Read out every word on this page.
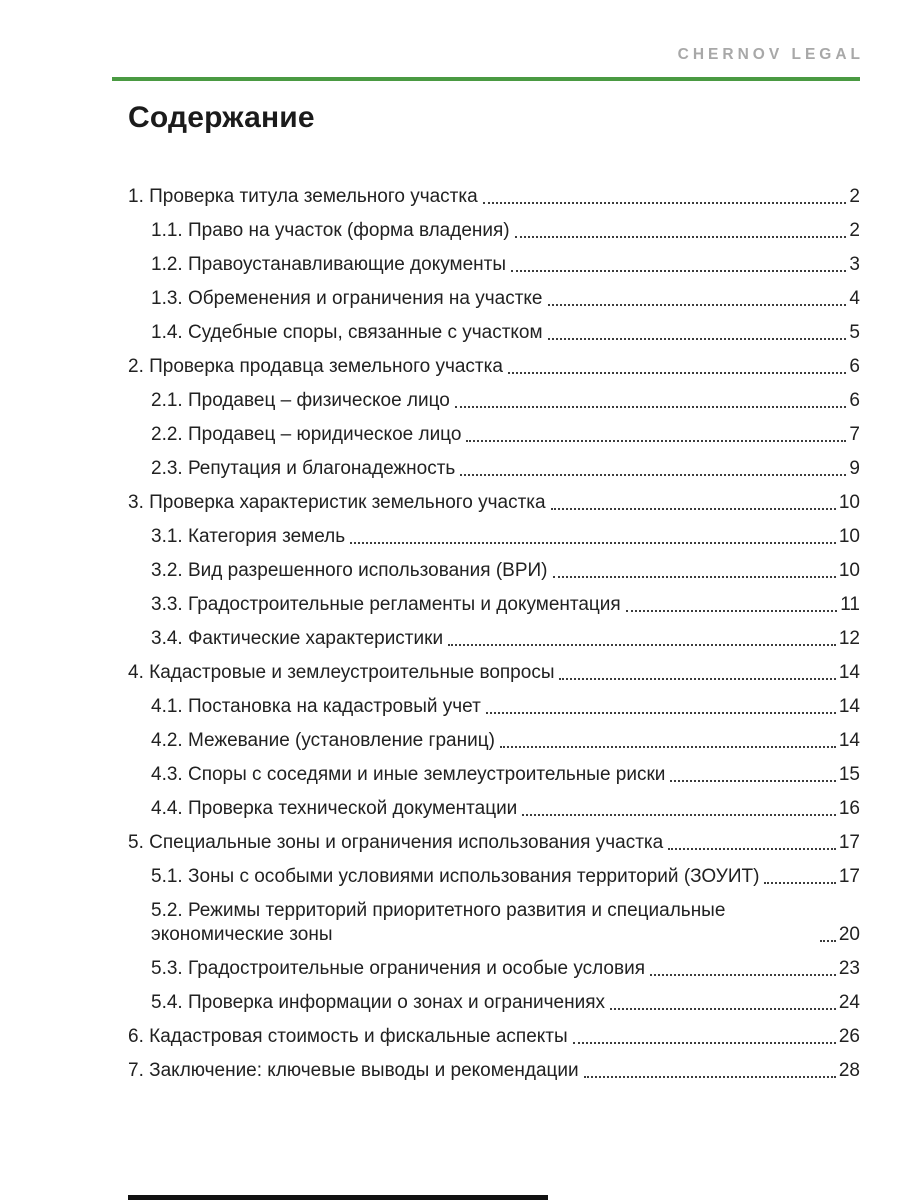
CHERNOV LEGAL
Содержание
1. Проверка титула земельного участка	2
1.1. Право на участок (форма владения)	2
1.2. Правоустанавливающие документы	3
1.3. Обременения и ограничения на участке	4
1.4. Судебные споры, связанные с участком	5
2. Проверка продавца земельного участка	6
2.1. Продавец – физическое лицо	6
2.2. Продавец – юридическое лицо	7
2.3. Репутация и благонадежность	9
3. Проверка характеристик земельного участка	10
3.1. Категория земель	10
3.2. Вид разрешенного использования (ВРИ)	10
3.3. Градостроительные регламенты и документация	11
3.4. Фактические характеристики	12
4. Кадастровые и землеустроительные вопросы	14
4.1. Постановка на кадастровый учет	14
4.2. Межевание (установление границ)	14
4.3. Споры с соседями и иные землеустроительные риски	15
4.4. Проверка технической документации	16
5. Специальные зоны и ограничения использования участка	17
5.1. Зоны с особыми условиями использования территорий (ЗОУИТ)	17
5.2. Режимы территорий приоритетного развития и специальные экономические зоны	20
5.3. Градостроительные ограничения и особые условия	23
5.4. Проверка информации о зонах и ограничениях	24
6. Кадастровая стоимость и фискальные аспекты	26
7. Заключение: ключевые выводы и рекомендации	28
